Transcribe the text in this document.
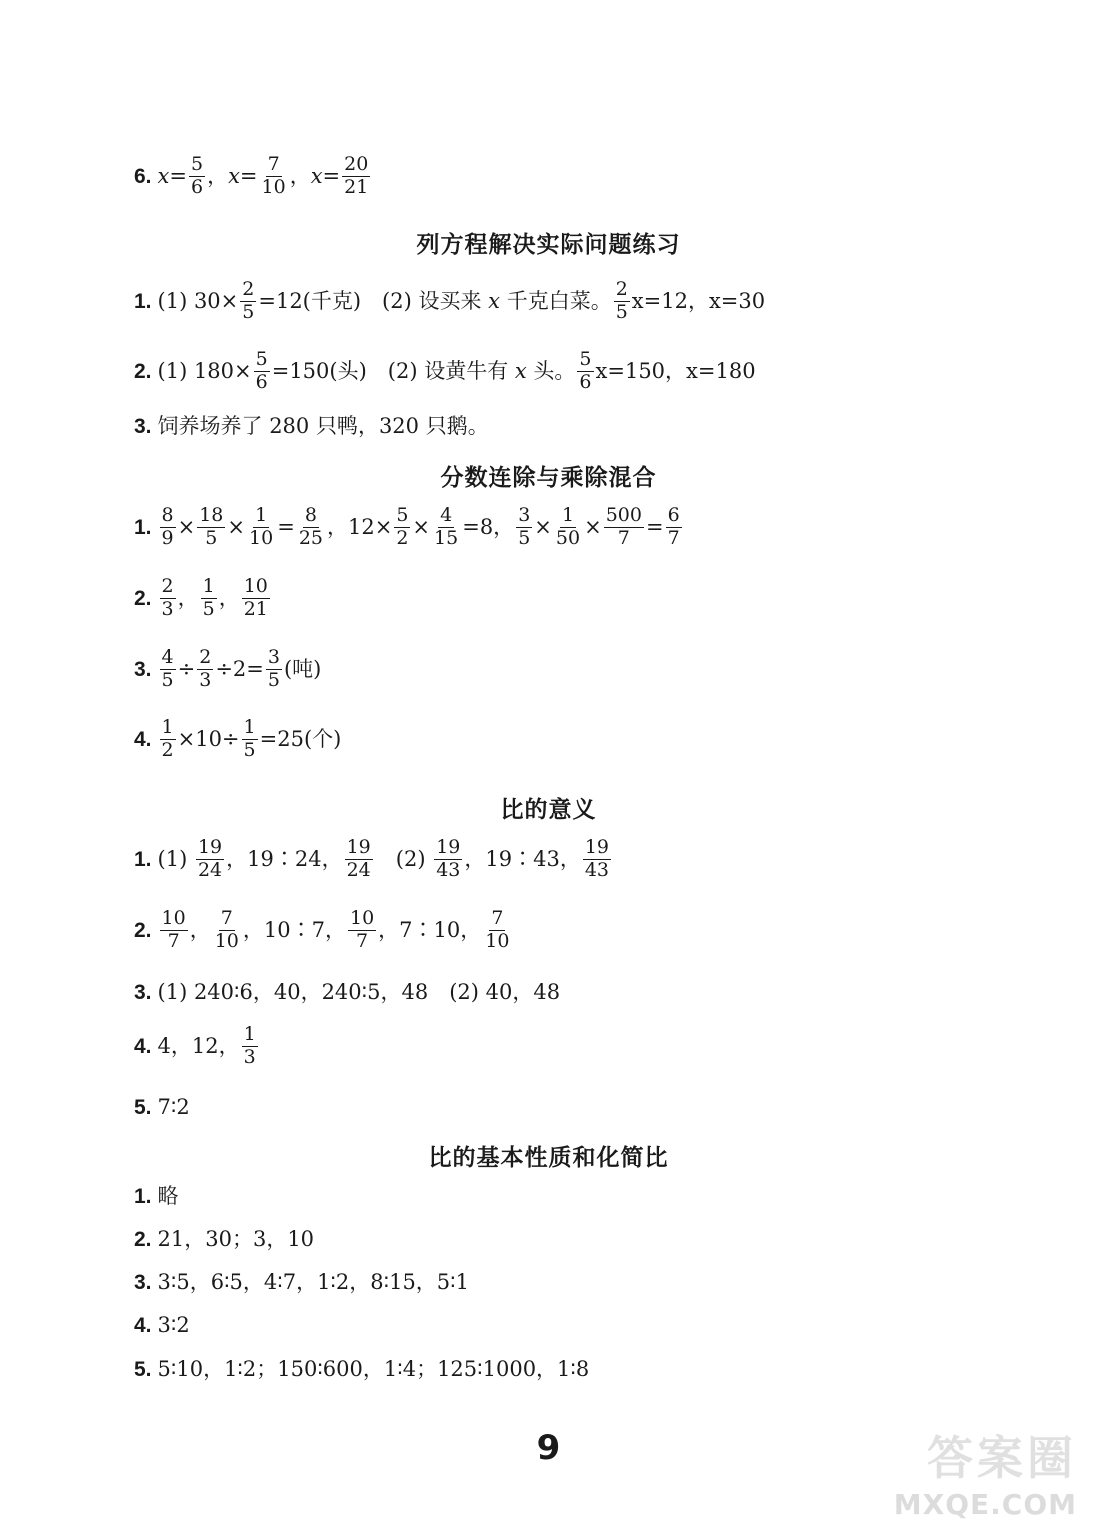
6. $x = \frac{5}{6}$ ， $x = \frac{7}{10}$ ， $x = \frac{20}{21}$
列方程解决实际问题练习
1. (1) $30\times \frac{2}{5} =12$(千克)　(2) 设买来 x 千克白菜。 $\frac{2}{5} x=12$，x=30
2. (1) $180\times \frac{5}{6} =150$(头)　(2) 设黄牛有 x 头。 $\frac{5}{6} x=150$，x=180
3. 饲养场养了 280 只鸭，320 只鹅。
分数连除与乘除混合
1. $\frac{8}{9} \times \frac{18}{5} \times \frac{1}{10} = \frac{8}{25}$ ，$12\times \frac{5}{2} \times \frac{4}{15} =8$， $\frac{3}{5} \times \frac{1}{50} \times \frac{500}{7} = \frac{6}{7}$
2. $\frac{2}{3}$ ， $\frac{1}{5}$ ， $\frac{10}{21}$
3. $\frac{4}{5} \div \frac{2}{3} \div 2= \frac{3}{5}$ (吨)
4. $\frac{1}{2} \times 10\div \frac{1}{5} =25$(个)
比的意义
1. $(1) \frac{19}{24}$ ，19∶24， $\frac{19}{24}$ 　$(2) \frac{19}{43}$ ，19∶43， $\frac{19}{43}$
2. $\frac{10}{7}$ ， $\frac{7}{10}$ ，10∶7， $\frac{10}{7}$ ，7∶10， $\frac{7}{10}$
3. (1) 240∶6，40，240∶5，48　(2) 40，48
4. 4，12， $\frac{1}{3}$
5. 7∶2
比的基本性质和化简比
1. 略
2. 21，30；3，10
3. 3∶5，6∶5，4∶7，1∶2，8∶15，5∶1
4. 3∶2
5. 5∶10，1∶2；150∶600，1∶4；125∶1000，1∶8
9	答案圈
MXQE.COM
